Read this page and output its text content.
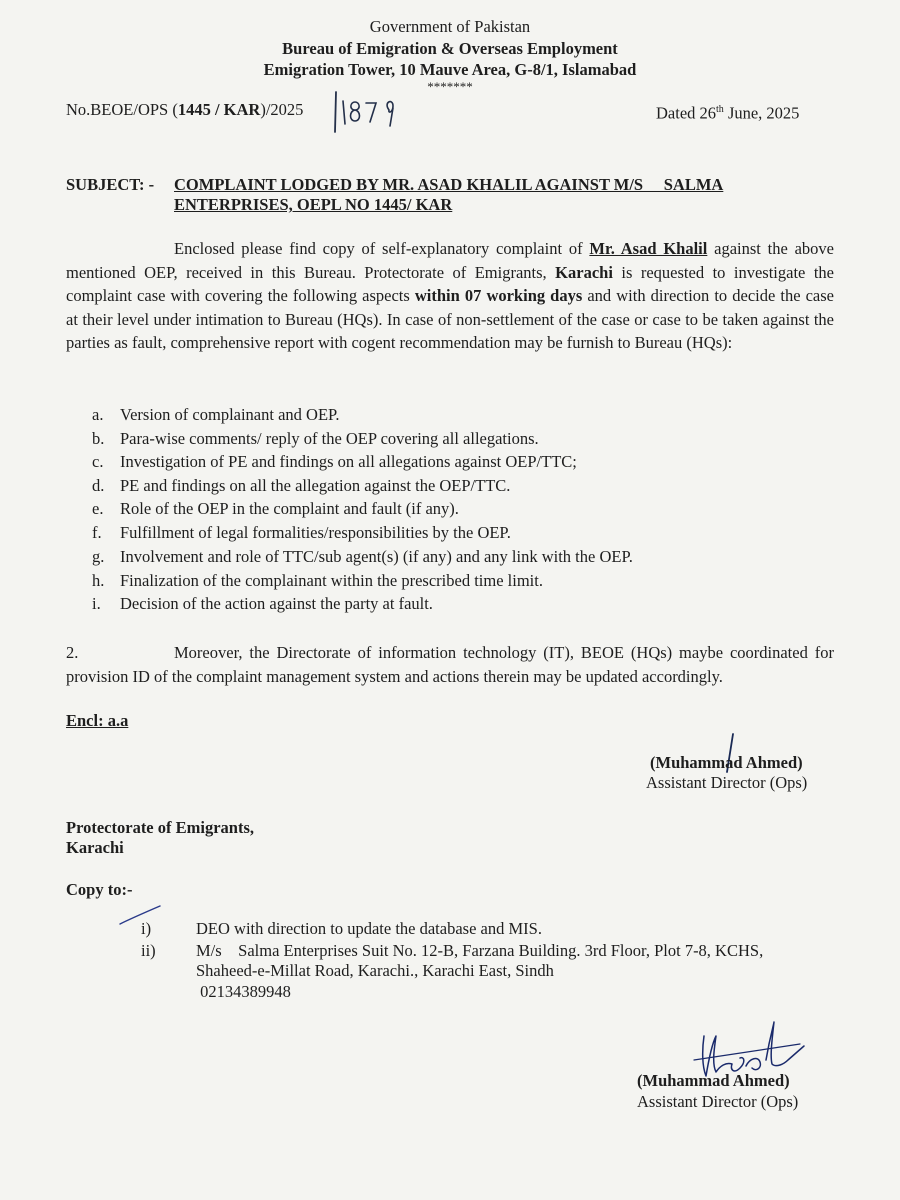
Government of Pakistan
Bureau of Emigration & Overseas Employment
Emigration Tower, 10 Mauve Area, G-8/1, Islamabad
*******
No.BEOE/OPS (1445 / KAR)/2025	Dated 26th June, 2025
SUBJECT: - COMPLAINT LODGED BY MR. ASAD KHALIL AGAINST M/S     SALMA
ENTERPRISES, OEPL NO 1445/ KAR
Enclosed please find copy of self-explanatory complaint of Mr. Asad Khalil against the above mentioned OEP, received in this Bureau. Protectorate of Emigrants, Karachi is requested to investigate the complaint case with covering the following aspects within 07 working days and with direction to decide the case at their level under intimation to Bureau (HQs). In case of non-settlement of the case or case to be taken against the parties as fault, comprehensive report with cogent recommendation may be furnish to Bureau (HQs):
a. Version of complainant and OEP.
b. Para-wise comments/ reply of the OEP covering all allegations.
c. Investigation of PE and findings on all allegations against OEP/TTC;
d. PE and findings on all the allegation against the OEP/TTC.
e. Role of the OEP in the complaint and fault (if any).
f. Fulfillment of legal formalities/responsibilities by the OEP.
g. Involvement and role of TTC/sub agent(s) (if any) and any link with the OEP.
h. Finalization of the complainant within the prescribed time limit.
i. Decision of the action against the party at fault.
2.	Moreover, the Directorate of information technology (IT), BEOE (HQs) maybe coordinated for provision ID of the complaint management system and actions therein may be updated accordingly.
Encl: a.a
(Muhammad Ahmed)
Assistant Director (Ops)
Protectorate of Emigrants,
Karachi
Copy to:-
i)	DEO with direction to update the database and MIS.
ii) M/s    Salma Enterprises Suit No. 12-B, Farzana Building. 3rd Floor, Plot 7-8, KCHS,
Shaheed-e-Millat Road, Karachi., Karachi East, Sindh
02134389948
(Muhammad Ahmed)
Assistant Director (Ops)
